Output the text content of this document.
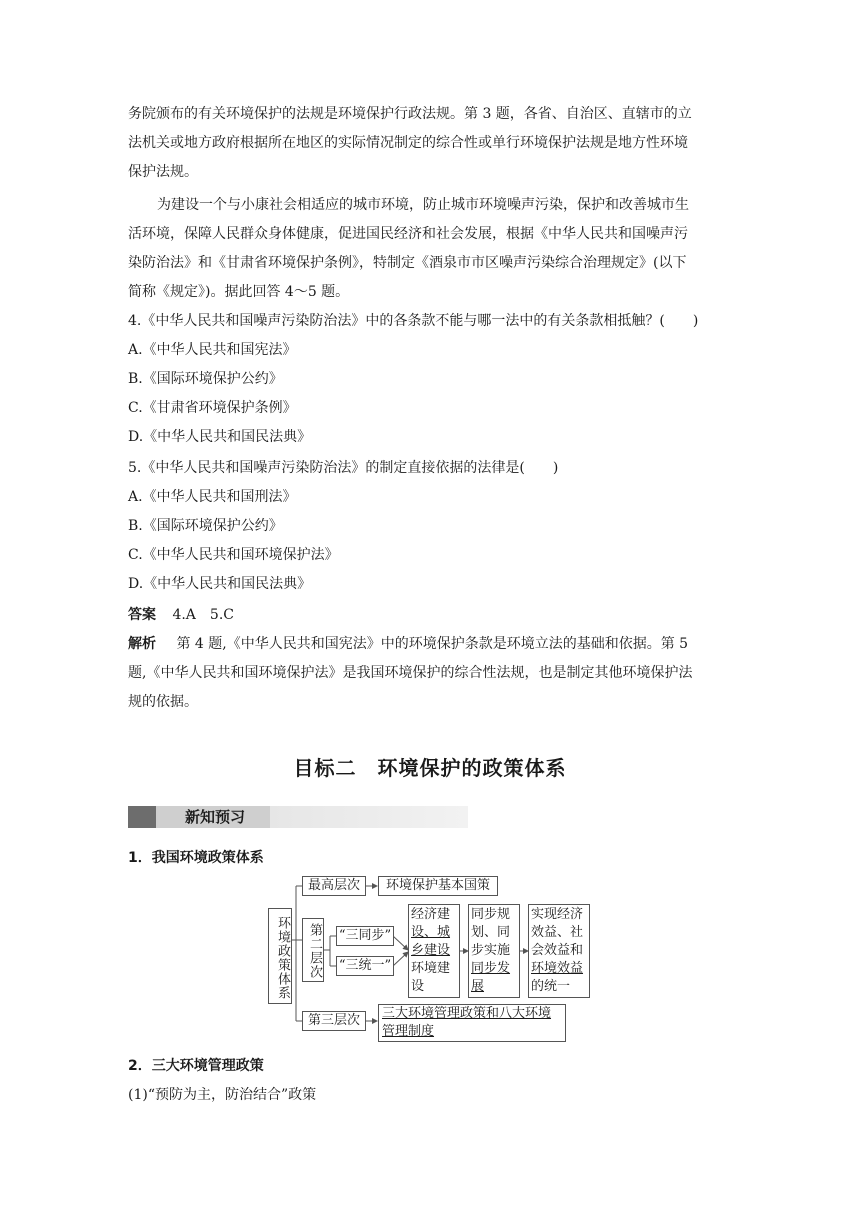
务院颁布的有关环境保护的法规是环境保护行政法规。第 3 题，各省、自治区、直辖市的立
法机关或地方政府根据所在地区的实际情况制定的综合性或单行环境保护法规是地方性环境
保护法规。
为建设一个与小康社会相适应的城市环境，防止城市环境噪声污染，保护和改善城市生
活环境，保障人民群众身体健康，促进国民经济和社会发展，根据《中华人民共和国噪声污
染防治法》和《甘肃省环境保护条例》，特制定《酒泉市市区噪声污染综合治理规定》(以下
简称《规定》)。据此回答 4～5 题。
4.《中华人民共和国噪声污染防治法》中的各条款不能与哪一法中的有关条款相抵触？(　　)
A.《中华人民共和国宪法》
B.《国际环境保护公约》
C.《甘肃省环境保护条例》
D.《中华人民共和国民法典》
5.《中华人民共和国噪声污染防治法》的制定直接依据的法律是(　　)
A.《中华人民共和国刑法》
B.《国际环境保护公约》
C.《中华人民共和国环境保护法》
D.《中华人民共和国民法典》
答案 4.A　5.C
解析 第 4 题,《中华人民共和国宪法》中的环境保护条款是环境立法的基础和依据。第 5
题,《中华人民共和国环境保护法》是我国环境保护的综合性法规，也是制定其他环境保护法
规的依据。
目标二　环境保护的政策体系
新知预习
1．我国环境政策体系
环境政策体系
最高层次	环境保护基本国策
第二层次 “三同步”
“三统一”
经济建
设、城
乡建设
环境建
设
同步规
划、同
步实施
同步发
展
实现经济
效益、社
会效益和
环境效益
的统一
第三层次	三大环境管理政策和八大环境
管理制度
2．三大环境管理政策
(1)“预防为主，防治结合”政策
